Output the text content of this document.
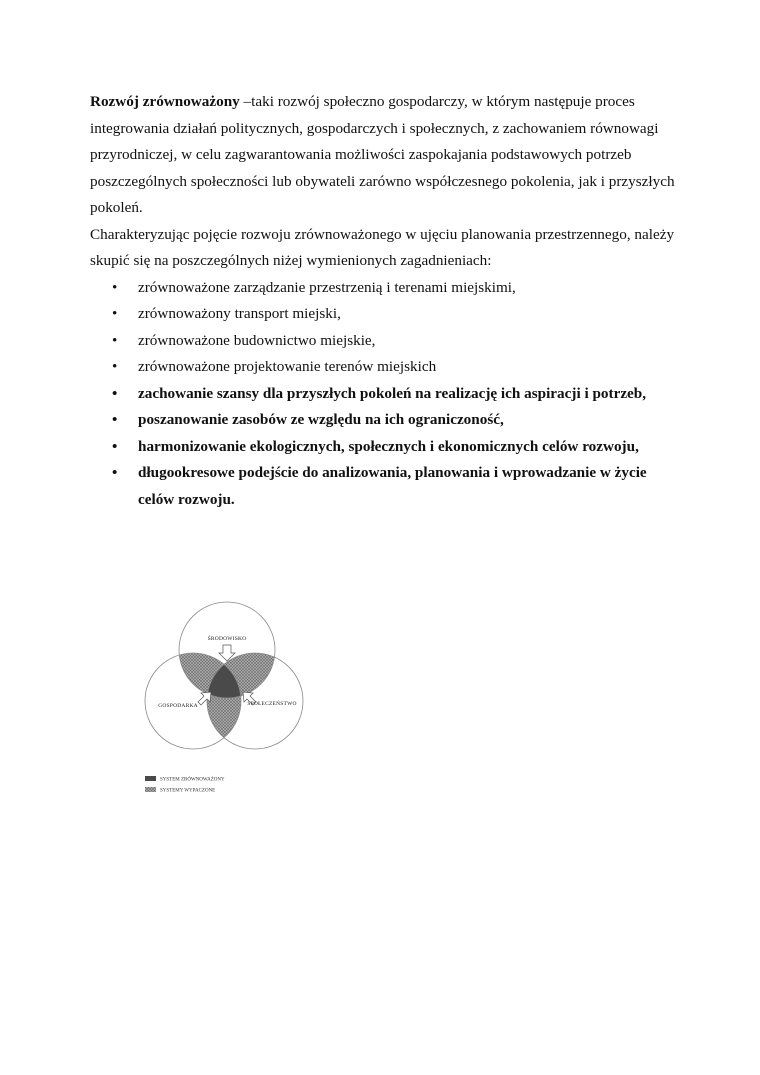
Rozwój zrównoważony –taki rozwój społeczno gospodarczy, w którym następuje proces integrowania działań politycznych, gospodarczych i społecznych, z zachowaniem równowagi przyrodniczej, w celu zagwarantowania możliwości zaspokajania podstawowych potrzeb poszczególnych społeczności lub obywateli zarówno współczesnego pokolenia, jak i przyszłych pokoleń.

Charakteryzując pojęcie rozwoju zrównoważonego w ujęciu planowania przestrzennego, należy skupić się na poszczególnych niżej wymienionych zagadnieniach:

• zrównoważone zarządzanie przestrzenią i terenami miejskimi,
• zrównoważony transport miejski,
• zrównoważone budownictwo miejskie,
• zrównoważone projektowanie terenów miejskich
• zachowanie szansy dla przyszłych pokoleń na realizację ich aspiracji i potrzeb,
• poszanowanie zasobów ze względu na ich ograniczoność,
• harmonizowanie ekologicznych, społecznych i ekonomicznych celów rozwoju,
• długookresowe podejście do analizowania, planowania i wprowadzanie w życie celów rozwoju.
ŚRODOWISKO
GOSPODARKA	SPOŁECZEŃSTWO
SYSTEM ZRÓWNOWAŻONY
SYSTEMY WYPACZONE
